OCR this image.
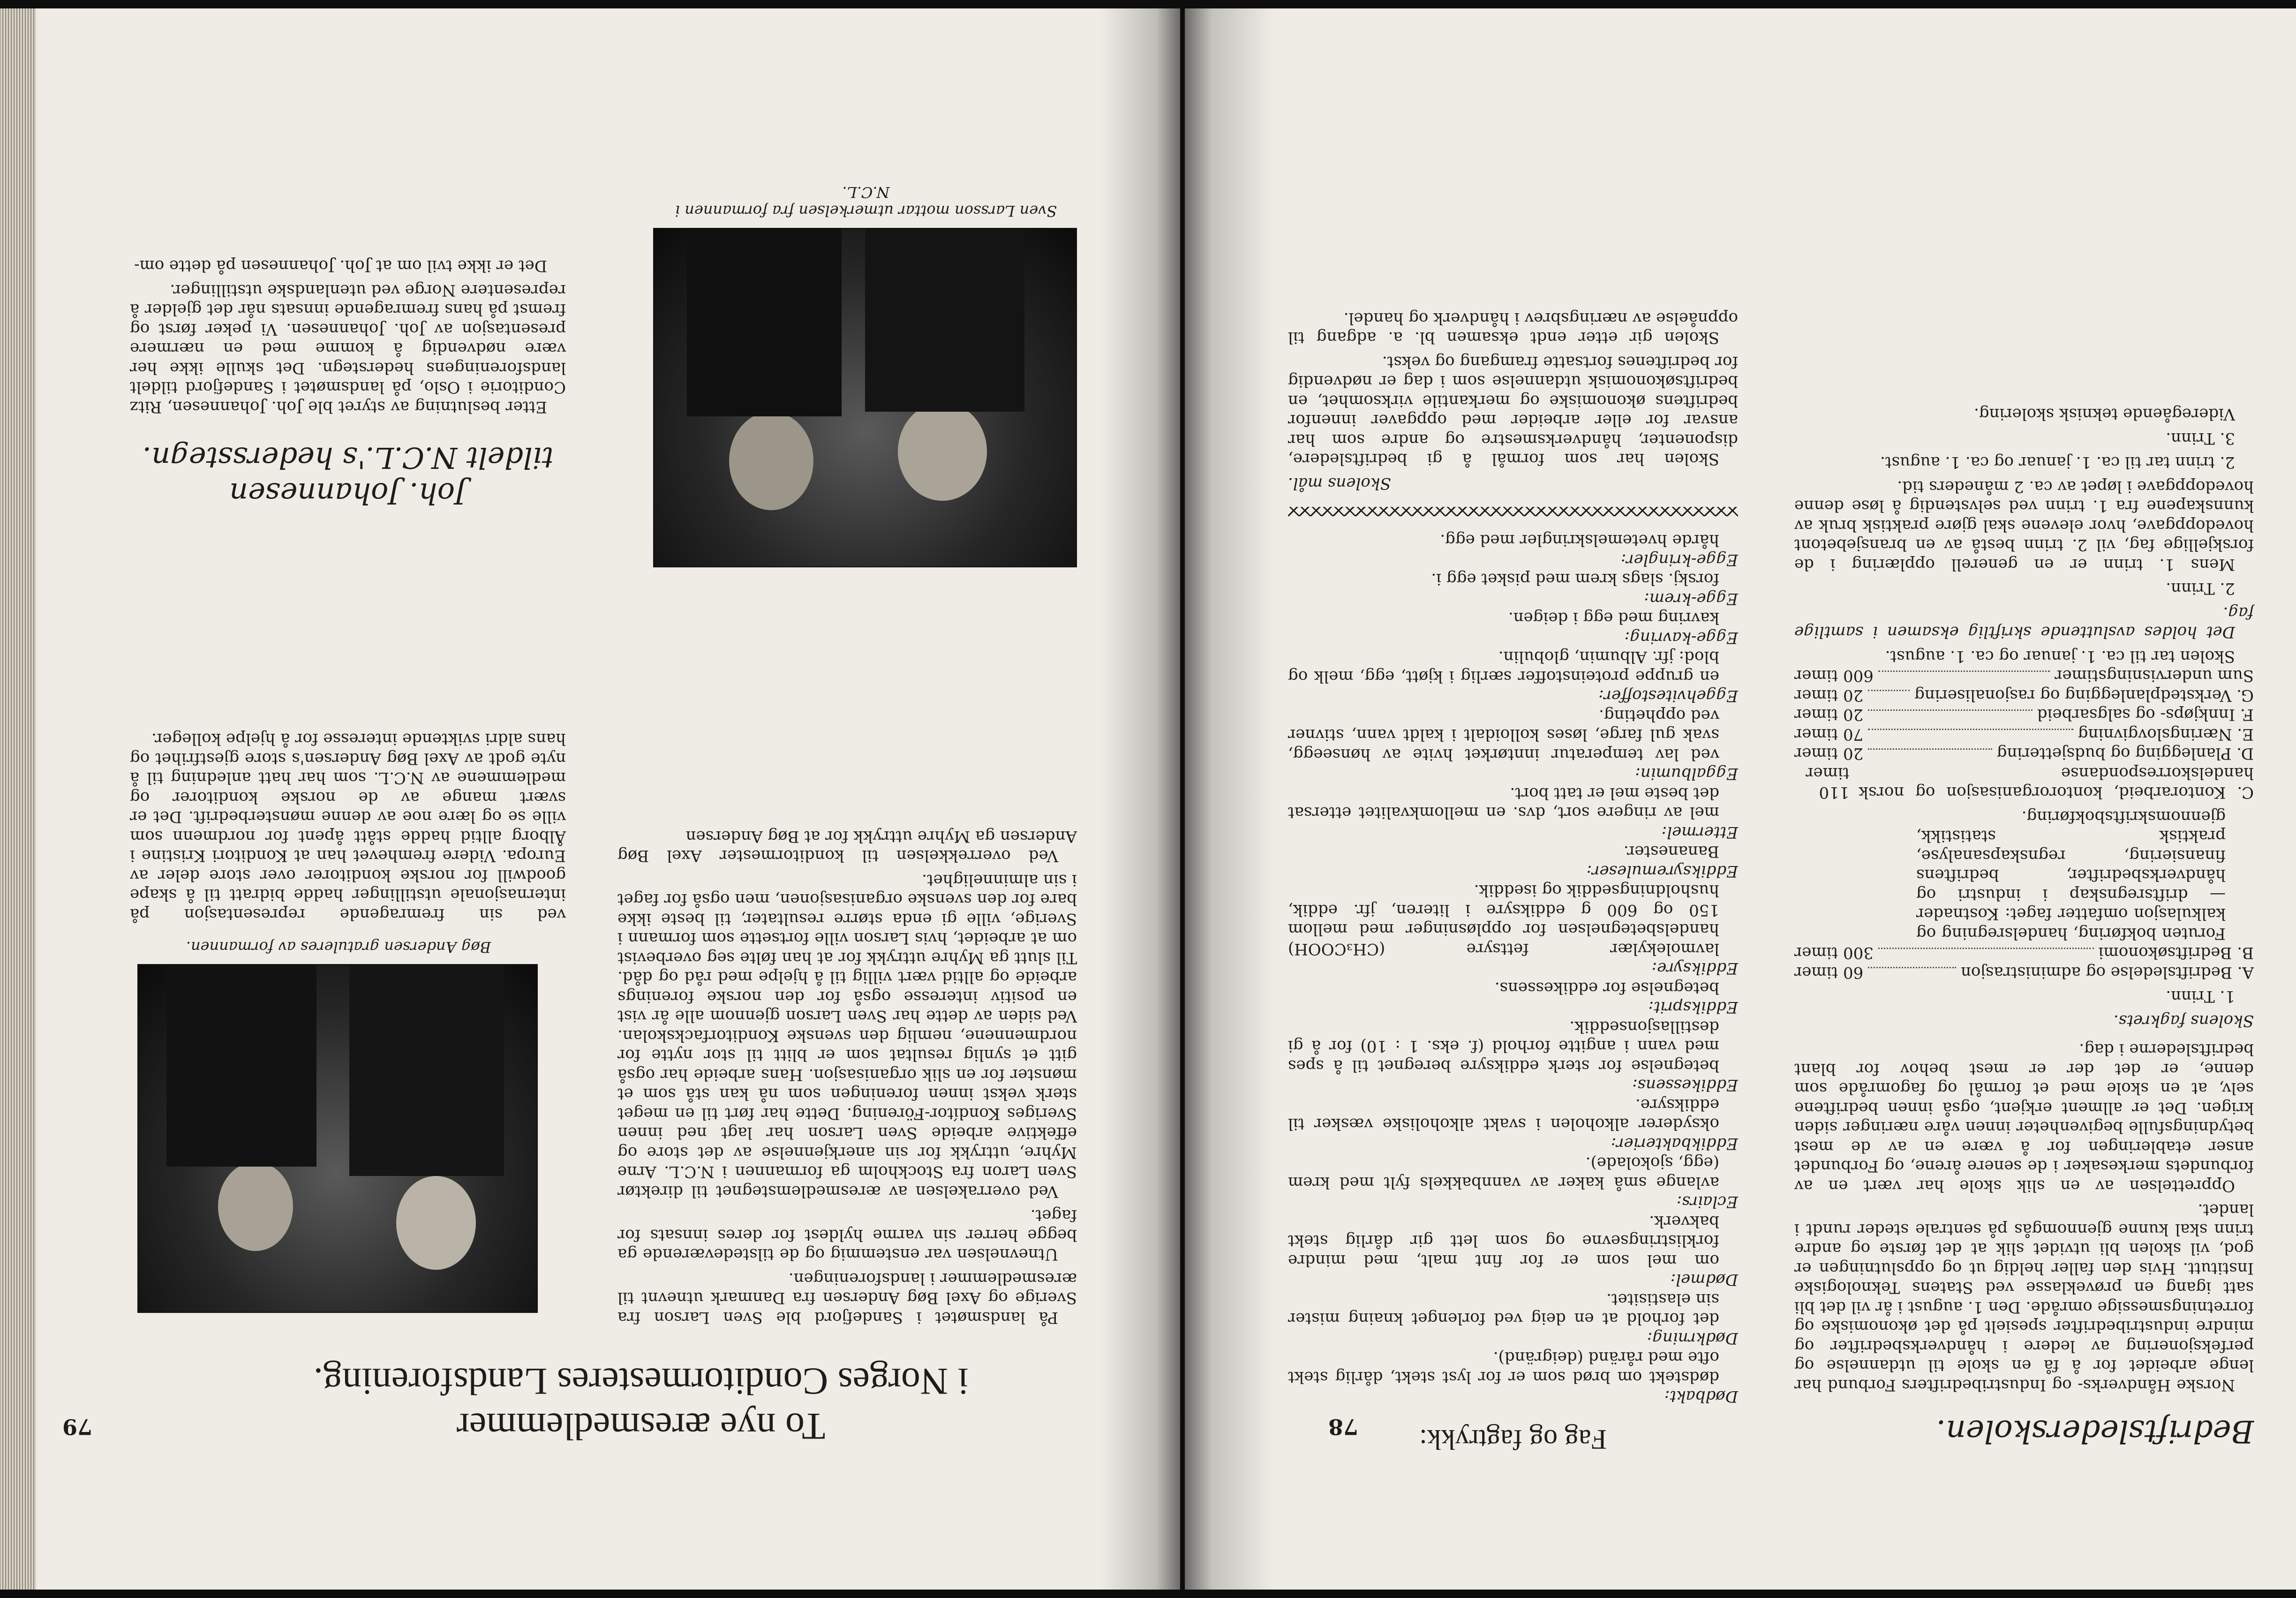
78	Bedriftslederskolen.

Norske Håndverks- og Industribedrifters Forbund har lenge arbeidet for å få en skole til utdannelse og perfeksjonering av ledere i håndverksbedrifter og mindre industribedrifter spesielt på det økonomiske og forretningsmessige område. Den 1. august i år vil det bli satt igang en prøveklasse ved Statens Teknologiske Institutt. Hvis den faller heldig ut og oppslutningen er god, vil skolen bli utvidet slik at det første og andre trinn skal kunne gjennomgås på sentrale steder rundt i landet.

Opprettelsen av en slik skole har vært en av forbundets merkesaker i de senere årene, og Forbundet anser etableringen for å være en av de mest betydningsfulle begivenheter innen våre næringer siden krigen. Det er allment erkjent, også innen bedriftene selv, at en skole med et formål og fagområde som denne, er det der er mest behov for blant bedriftslederne i dag.

Skolens fagkrets.

1. Trinn.

A. Bedriftsledelse og administrasjon
60 timer
B. Bedriftsøkonomi
300 timer

Foruten bokføring, handelsregning og kalkulasjon omfatter faget: Kostnader — driftsregnskap i industri og håndverksbedrifter, bedriftens finansiering, regnskapsanalyse, praktisk statistikk, gjennomskriftsbokføring.

C. Kontorarbeid, kontororganisasjon og norsk handelskorrespondanse
110 timer
D. Planlegging og budsjettering
20 timer
E. Næringslovgivning
70 timer
F. Innkjøps- og salgsarbeid
20 timer
G. Verkstedplanlegging og rasjonalisering
20 timer
Sum undervisningstimer
600 timer

Skolen tar til ca. 1. januar og ca. 1. august.

Det holdes avsluttende skriftlig eksamen i samtlige fag.

2. Trinn.

Mens 1. trinn er en generell opplæring i de forskjellige fag, vil 2. trinn bestå av en bransjebetont hovedoppgave, hvor elevene skal gjøre praktisk bruk av kunnskapene fra 1. trinn ved selvstendig å løse denne hovedoppgave i løpet av ca. 2 måneders tid.

2. trinn tar til ca. 1. januar og ca. 1. august.

3. Trinn.

Videregående teknisk skolering.

Fag og fagtrykk:
Dødbakt:
dødstekt om brød som er for lyst stekt, dårlig stekt ofte med råränd (deigränd).
Dødkrning:
det forhold at en deig ved forlenget knaing mister sin elastisitet.
Dødmel:
om mel som er for fint malt, med mindre forklistringsevne og som lett gir dårlig stekt bakverk.
Eclairs:
avlange små kaker av vannbakkels fylt med krem (egg, sjokolade).
Eddikbakterier:
oksyderer alkoholen i svakt alkoholiske væsker til eddiksyre.
Eddikessens:
betegnelse for sterk eddiksyre beregnet til å spes med vann i angitte forhold (f. eks. 1 : 10) for å gi destillasjonseddik.
Eddiksprit:
betegnelse for eddikessens.
Eddiksyre:
lavmolekylær fettsyre (CH₃COOH) handelsbetegnelsen for oppløsninger med mellom 150 og 600 g eddiksyre i literen, jfr. eddik, husholdningseddik og iseddik.
Eddiksyremuleser:
Bananester.
Ettermel:
mel av ringere sort, dvs. en mellomkvalitet ettersat det beste mel er tatt bort.
Eggalbumin:
ved lav temperatur inntørket hvite av hønseegg, svak gul farge, løses kolloidalt i kaldt vann, stivner ved oppheting.
Eggehvitestoffer:
en gruppe proteinstoffer særlig i kjøtt, egg, melk og blod: jfr. Albumin, globulin.
Egge-kavring:
kavring med egg i deigen.
Egge-krem:
forskj. slags krem med pisket egg i.
Egge-kringler:
hårde hvetemelskringler med egg.

Skolens mål.

Skolen har som formål å gi bedriftsledere, disponenter, håndverksmestre og andre som har ansvar for eller arbeider med oppgaver innenfor bedriftens økonomiske og merkantile virksomhet, en bedriftsøkonomisk utdannelse som i dag er nødvendig for bedriftenes fortsatte framgang og vekst.

Skolen gir etter endt eksamen bl. a. adgang til oppnåelse av næringsbrev i håndverk og handel.

79	To nye æresmedlemmer
i Norges Conditormesteres Landsforening.

På landsmøtet i Sandefjord ble Sven Larson fra Sverige og Axel Bøg Andersen fra Danmark utnevnt til æresmedlemmer i landsforeningen.

Utnevnelsen var enstemmig og de tilstedeværende ga begge herrer sin varme hyldest for deres innsats for faget.

Ved overrakelsen av æresmedlemstegnet til direktør Sven Laron fra Stockholm ga formannen i N.C.L. Arne Myhre, uttrykk for sin anerkjennelse av det store og effektive arbeide Sven Larson har lagt ned innen Sveriges Kondítor-Förening. Dette har ført til en meget sterk vekst innen foreningen som nå kan stå som et mønster for en slik organisasjon. Hans arbeide har også gitt et synlig resultat som er blitt til stor nytte for nordmennene, nemlig den svenske Konditorfackskolan. Ved siden av dette har Sven Larson gjennom alle år vist en positiv interesse også for den norske forenings arbeide og alltid vært villig til å hjelpe med råd og dåd. Til slutt ga Myhre uttrykk for at han følte seg overbevist om at arbeidet, hvis Larson ville fortsette som formann i Sverige, ville gi enda større resultater, til beste ikke bare for den svenske organisasjonen, men også for faget i sin alminnelighet.

Ved overrekkelsen til konditormester Axel Bøg Andersen ga Myhre uttrykk for at Bøg Andersen

Bøg Andersen gratuleres av formannen.

ved sin fremragende representasjon på internasjonale utstillinger hadde bidratt til å skape goodwill for norske konditorer over store deler av Europa. Videre fremhevet han at Konditori Kristine i Ålborg alltid hadde stått åpent for nordmenn som ville se og lære noe av denne mønsterbedrift. Det er svært mange av de norske konditorer og medlemmene av N.C.L. som har hatt anledning til å nyte godt av Axel Bøg Andersen's store gjestfrihet og hans aldri sviktende interesse for å hjelpe kolleger.

Joh. Johannesen
tildelt N.C.L.'s hedersstegn.

Etter beslutning av styret ble Joh. Johannesen, Ritz Conditorie i Oslo, på landsmøtet i Sandefjord tildelt landsforeningens hederstegn. Det skulle ikke her være nødvendig å komme med en nærmere presentasjon av Joh. Johannesen. Vi peker først og fremst på hans fremragende innsats når det gjelder å representere Norge ved utenlandske utstillinger.

Det er ikke tvil om at Joh. Johannesen på dette om-

Sven Larsson mottar utmerkelsen fra formannen i N.C.L.
